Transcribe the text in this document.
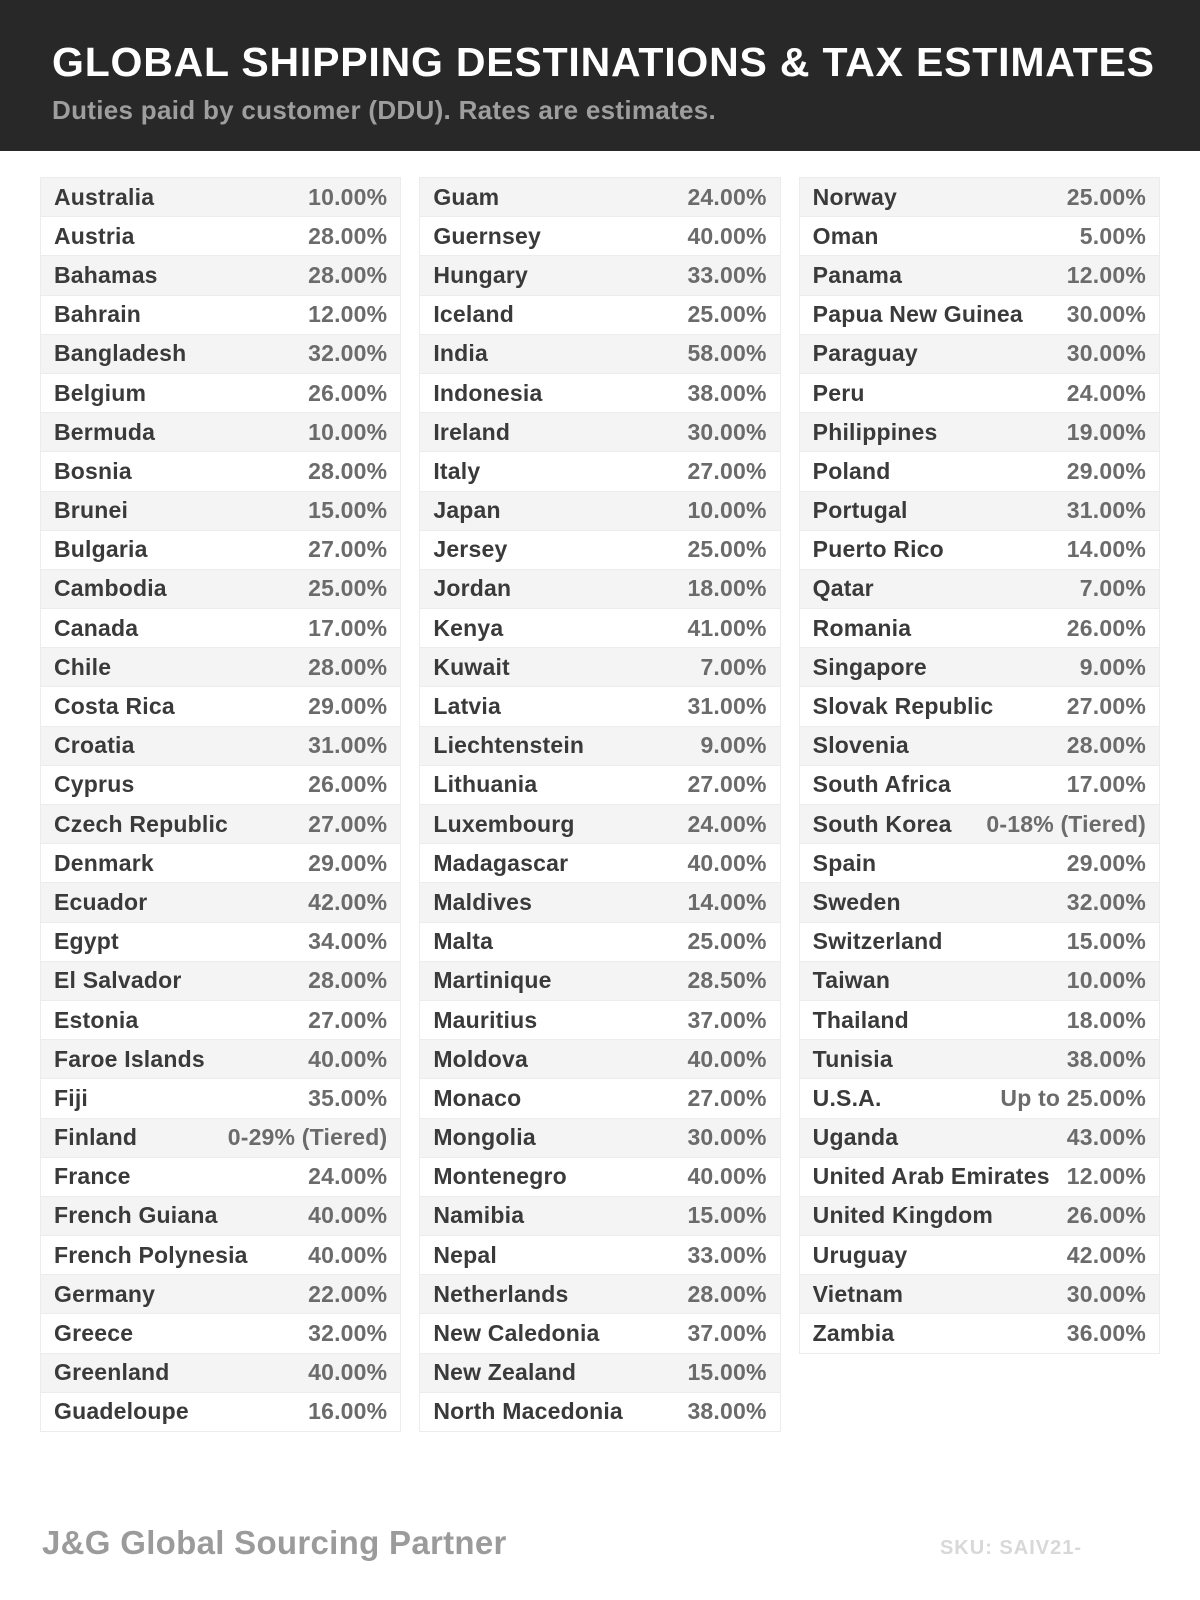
GLOBAL SHIPPING DESTINATIONS & TAX ESTIMATES
Duties paid by customer (DDU). Rates are estimates.
Australia	10.00%
Austria	28.00%
Bahamas	28.00%
Bahrain	12.00%
Bangladesh	32.00%
Belgium	26.00%
Bermuda	10.00%
Bosnia	28.00%
Brunei	15.00%
Bulgaria	27.00%
Cambodia	25.00%
Canada	17.00%
Chile	28.00%
Costa Rica	29.00%
Croatia	31.00%
Cyprus	26.00%
Czech Republic	27.00%
Denmark	29.00%
Ecuador	42.00%
Egypt	34.00%
El Salvador	28.00%
Estonia	27.00%
Faroe Islands	40.00%
Fiji	35.00%
Finland	0-29% (Tiered)
France	24.00%
French Guiana	40.00%
French Polynesia	40.00%
Germany	22.00%
Greece	32.00%
Greenland	40.00%
Guadeloupe	16.00%
Guam	24.00%
Guernsey	40.00%
Hungary	33.00%
Iceland	25.00%
India	58.00%
Indonesia	38.00%
Ireland	30.00%
Italy	27.00%
Japan	10.00%
Jersey	25.00%
Jordan	18.00%
Kenya	41.00%
Kuwait	7.00%
Latvia	31.00%
Liechtenstein	9.00%
Lithuania	27.00%
Luxembourg	24.00%
Madagascar	40.00%
Maldives	14.00%
Malta	25.00%
Martinique	28.50%
Mauritius	37.00%
Moldova	40.00%
Monaco	27.00%
Mongolia	30.00%
Montenegro	40.00%
Namibia	15.00%
Nepal	33.00%
Netherlands	28.00%
New Caledonia	37.00%
New Zealand	15.00%
North Macedonia	38.00%
Norway	25.00%
Oman	5.00%
Panama	12.00%
Papua New Guinea 30.00%
Paraguay	30.00%
Peru	24.00%
Philippines	19.00%
Poland	29.00%
Portugal	31.00%
Puerto Rico	14.00%
Qatar	7.00%
Romania	26.00%
Singapore	9.00%
Slovak Republic	27.00%
Slovenia	28.00%
South Africa	17.00%
South Korea 0-18% (Tiered)
Spain	29.00%
Sweden	32.00%
Switzerland	15.00%
Taiwan	10.00%
Thailand	18.00%
Tunisia	38.00%
U.S.A.	Up to 25.00%
Uganda	43.00%
United Arab Emirates 12.00%
United Kingdom	26.00%
Uruguay	42.00%
Vietnam	30.00%
Zambia	36.00%
J&G Global Sourcing Partner	SKU: SAIV21-
